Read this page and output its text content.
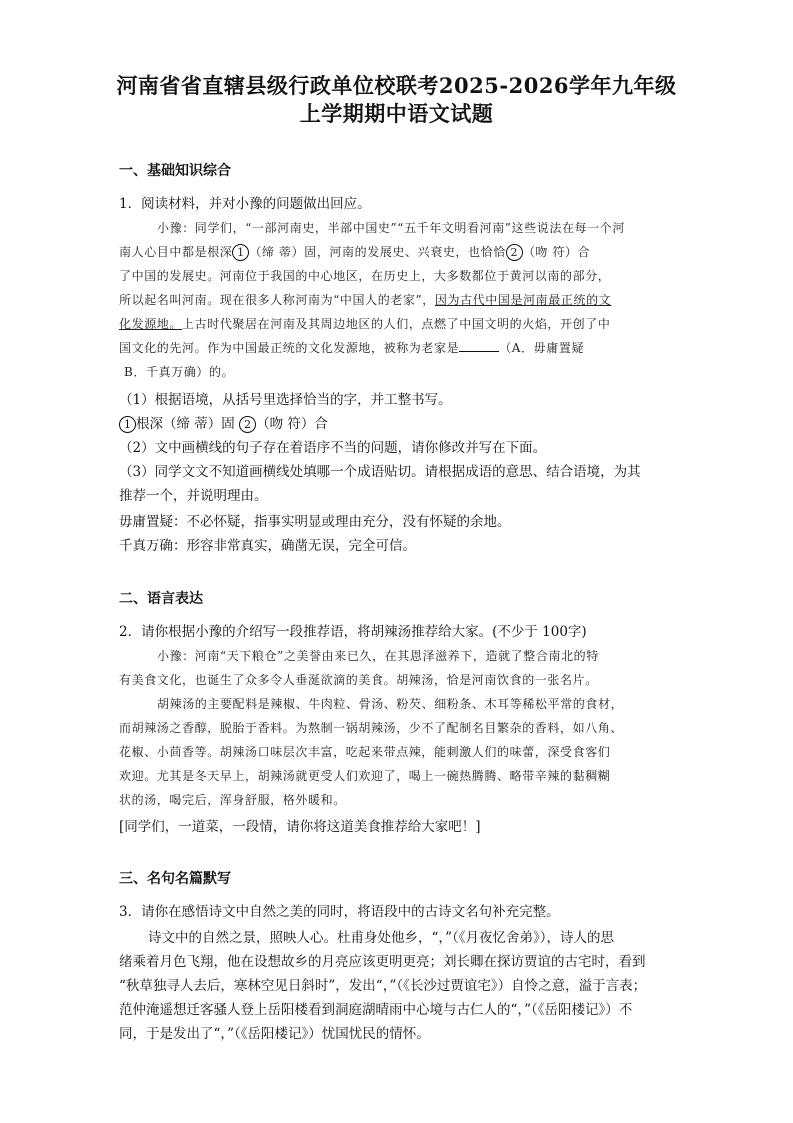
河南省省直辖县级行政单位校联考2025-2026学年九年级
上学期期中语文试题
一、基础知识综合
1．阅读材料，并对小豫的问题做出回应。
小豫：同学们，“一部河南史，半部中国史”“五千年文明看河南”这些说法在每一个河
南人心目中都是根深 1 （缔 蒂）固，河南的发展史、兴衰史，也恰恰 2 （吻 符）合
了中国的发展史。河南位于我国的中心地区，在历史上，大多数都位于黄河以南的部分，
所以起名叫河南。现在很多人称河南为“中国人的老家”，因为古代中国是河南最正统的文
化发源地。上古时代聚居在河南及其周边地区的人们，点燃了中国文明的火焰，开创了中
国文化的先河。作为中国最正统的文化发源地，被称为老家是	（A．毋庸置疑
B．千真万确）的。
（1）根据语境，从括号里选择恰当的字，并工整书写。
1 根深（缔 蒂）固 2 （吻 符）合
（2）文中画横线的句子存在着语序不当的问题，请你修改并写在下面。
（3）同学文文不知道画横线处填哪一个成语贴切。请根据成语的意思、结合语境，为其
推荐一个，并说明理由。
毋庸置疑：不必怀疑，指事实明显或理由充分，没有怀疑的余地。
千真万确：形容非常真实，确凿无误，完全可信。
二、语言表达
2．请你根据小豫的介绍写一段推荐语，将胡辣汤推荐给大家。(不少于 100字)
小豫：河南“天下粮仓”之美誉由来已久，在其恩泽滋养下，造就了整合南北的特
有美食文化，也诞生了众多令人垂涎欲滴的美食。胡辣汤，恰是河南饮食的一张名片。
胡辣汤的主要配料是辣椒、牛肉粒、骨汤、粉芡、细粉条、木耳等稀松平常的食材，
而胡辣汤之香醇，脱胎于香料。为熬制一锅胡辣汤，少不了配制名目繁杂的香料，如八角、
花椒、小茴香等。胡辣汤口味层次丰富，吃起来带点辣，能刺激人们的味蕾，深受食客们
欢迎。尤其是冬天早上，胡辣汤就更受人们欢迎了，喝上一碗热腾腾、略带辛辣的黏稠糊
状的汤，喝完后，浑身舒服，格外暖和。
[同学们，一道菜，一段情，请你将这道美食推荐给大家吧！]
三、名句名篇默写
3．请你在感悟诗文中自然之美的同时，将语段中的古诗文名句补充完整。
诗文中的自然之景，照映人心。杜甫身处他乡，“，”（《月夜忆舍弟》），诗人的思
绪乘着月色飞翔，他在设想故乡的月亮应该更明更亮；刘长卿在探访贾谊的古宅时，看到
“秋草独寻人去后，寒林空见日斜时”，发出“，”（《长沙过贾谊宅》）自怜之意，溢于言表；
范仲淹遥想迁客骚人登上岳阳楼看到洞庭湖晴雨中心境与古仁人的“，”（《岳阳楼记》）不
同，于是发出了“，”（《岳阳楼记》）忧国忧民的情怀。
